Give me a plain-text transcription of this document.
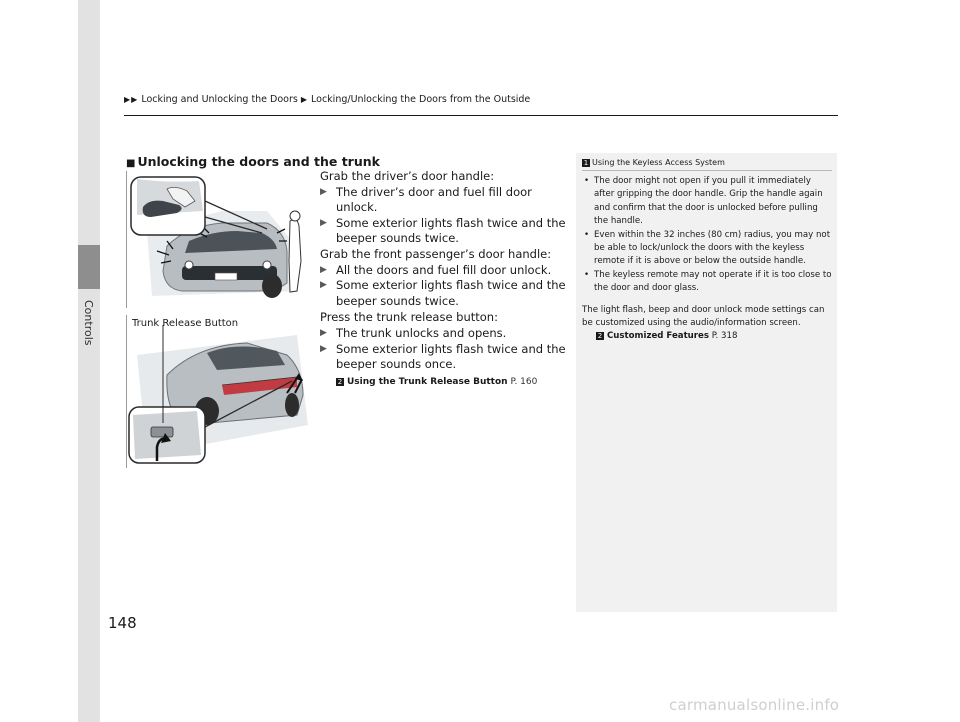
Controls
▶▶ Locking and Unlocking the Doors ▶ Locking/Unlocking the Doors from the Outside
■ Unlocking the doors and the trunk
Trunk Release Button

Grab the driver’s door handle:

▶ The driver’s door and fuel fill door unlock.

▶ Some exterior lights flash twice and the beeper sounds twice.

Grab the front passenger’s door handle:

▶ All the doors and fuel fill door unlock.

▶ Some exterior lights flash twice and the beeper sounds twice.

Press the trunk release button:

▶ The trunk unlocks and opens.

▶ Some exterior lights flash twice and the beeper sounds once.

2 Using the Trunk Release Button P. 160

1 Using the Keyless Access System

• The door might not open if you pull it immediately after gripping the door handle. Grip the handle again and confirm that the door is unlocked before pulling the handle.

• Even within the 32 inches (80 cm) radius, you may not be able to lock/unlock the doors with the keyless remote if it is above or below the outside handle.

• The keyless remote may not operate if it is too close to the door and door glass.

The light flash, beep and door unlock mode settings can be customized using the audio/information screen.

2 Customized Features P. 318

148
carmanualsonline.info
